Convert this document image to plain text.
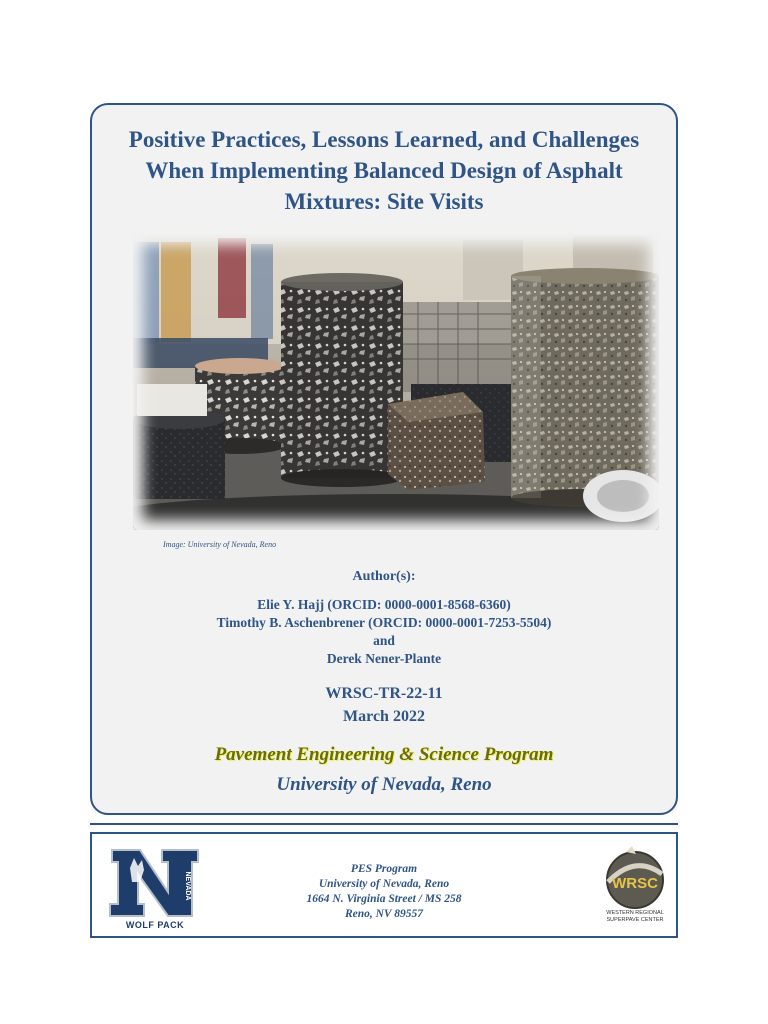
Positive Practices, Lessons Learned, and Challenges
When Implementing Balanced Design of Asphalt
Mixtures: Site Visits
Image: University of Nevada, Reno
Author(s):
Elie Y. Hajj (ORCID: 0000-0001-8568-6360)
Timothy B. Aschenbrener (ORCID: 0000-0001-7253-5504)
and
Derek Nener-Plante
WRSC-TR-22-11
March 2022
Pavement Engineering & Science Program
University of Nevada, Reno
NEVADA
WOLF PACK
PES Program
University of Nevada, Reno
1664 N. Virginia Street / MS 258
Reno, NV 89557
WRSC
WESTERN REGIONAL
SUPERPAVE CENTER
